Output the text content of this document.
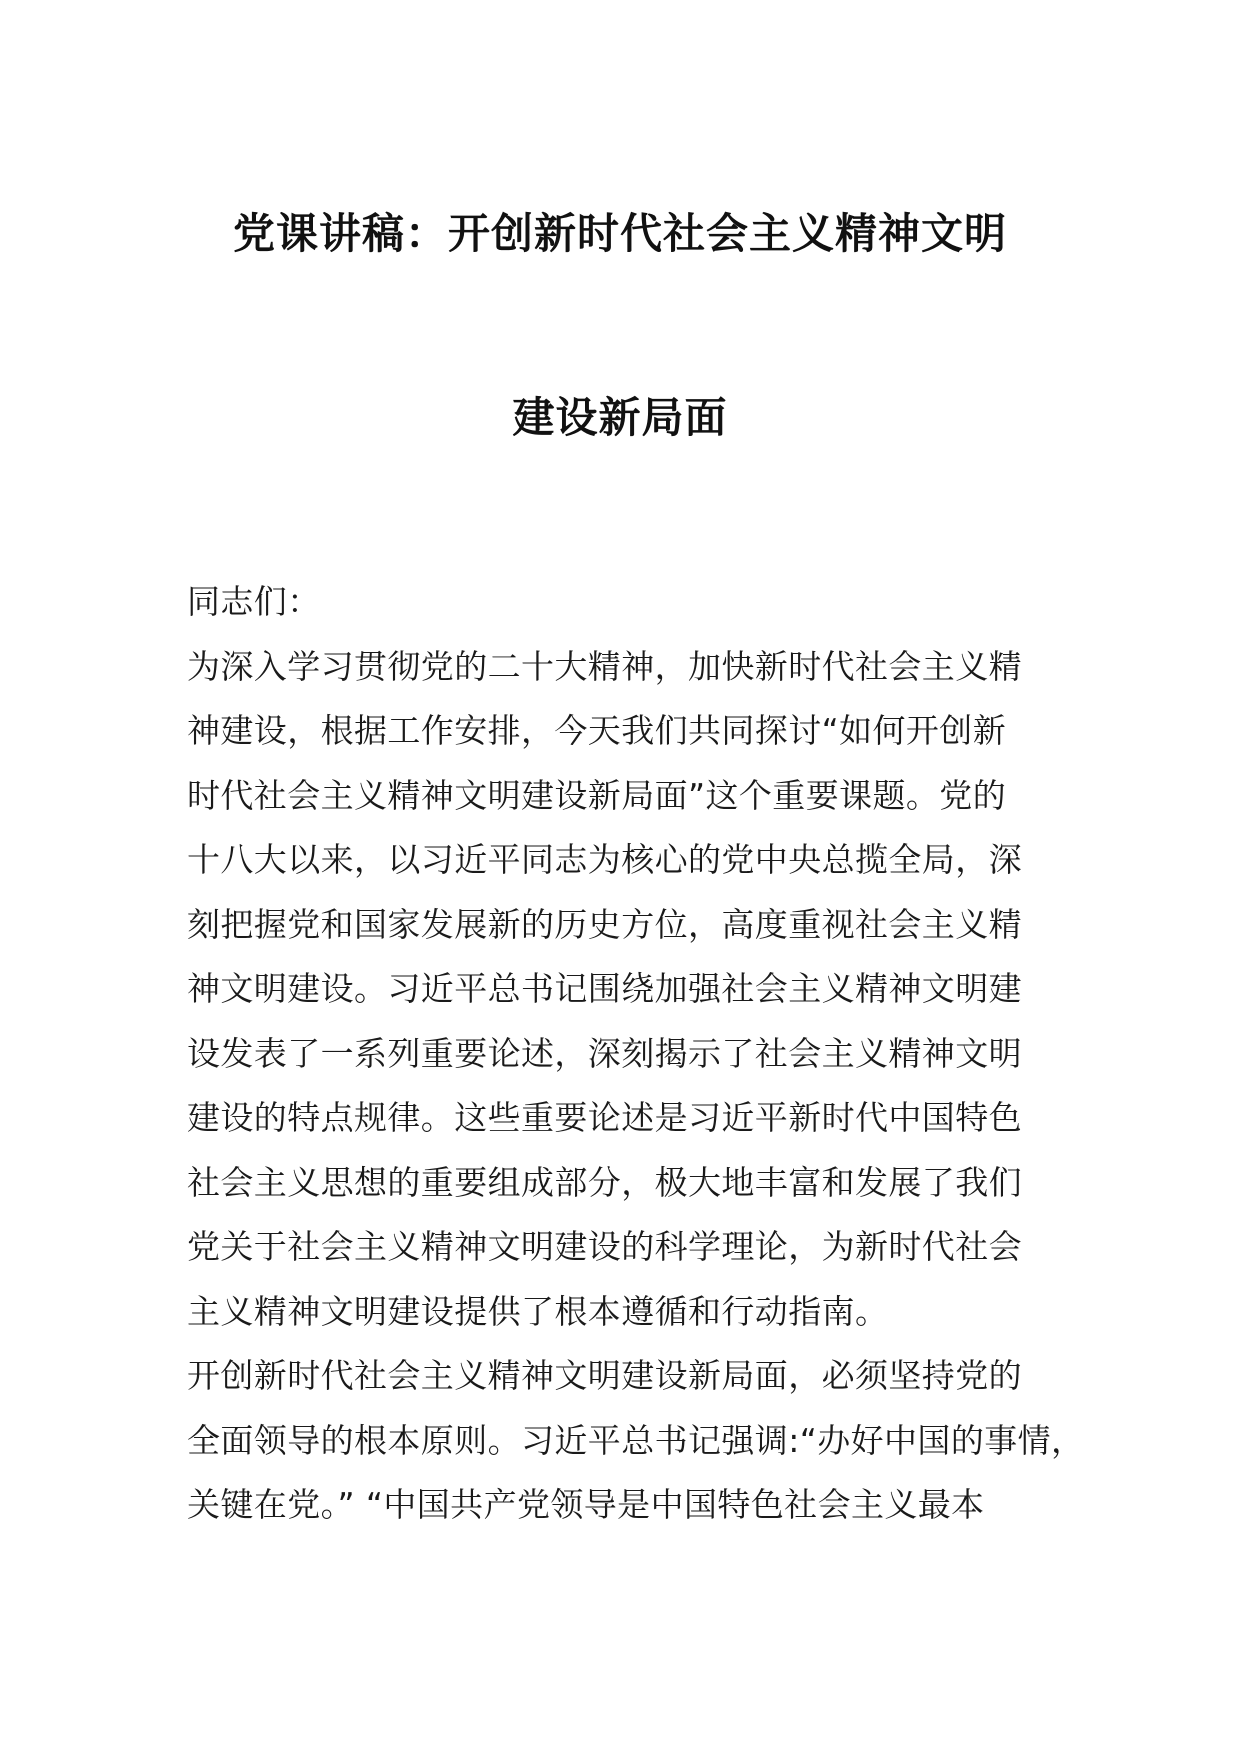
党课讲稿：开创新时代社会主义精神文明
建设新局面
同志们：
为深入学习贯彻党的二十大精神，加快新时代社会主义精
神建设，根据工作安排，今天我们共同探讨“如何开创新
时代社会主义精神文明建设新局面”这个重要课题。党的
十八大以来，以习近平同志为核心的党中央总揽全局，深
刻把握党和国家发展新的历史方位，高度重视社会主义精
神文明建设。习近平总书记围绕加强社会主义精神文明建
设发表了一系列重要论述，深刻揭示了社会主义精神文明
建设的特点规律。这些重要论述是习近平新时代中国特色
社会主义思想的重要组成部分，极大地丰富和发展了我们
党关于社会主义精神文明建设的科学理论，为新时代社会
主义精神文明建设提供了根本遵循和行动指南。
开创新时代社会主义精神文明建设新局面，必须坚持党的
全面领导的根本原则。习近平总书记强调:“办好中国的事情，
关键在党。” “中国共产党领导是中国特色社会主义最本
